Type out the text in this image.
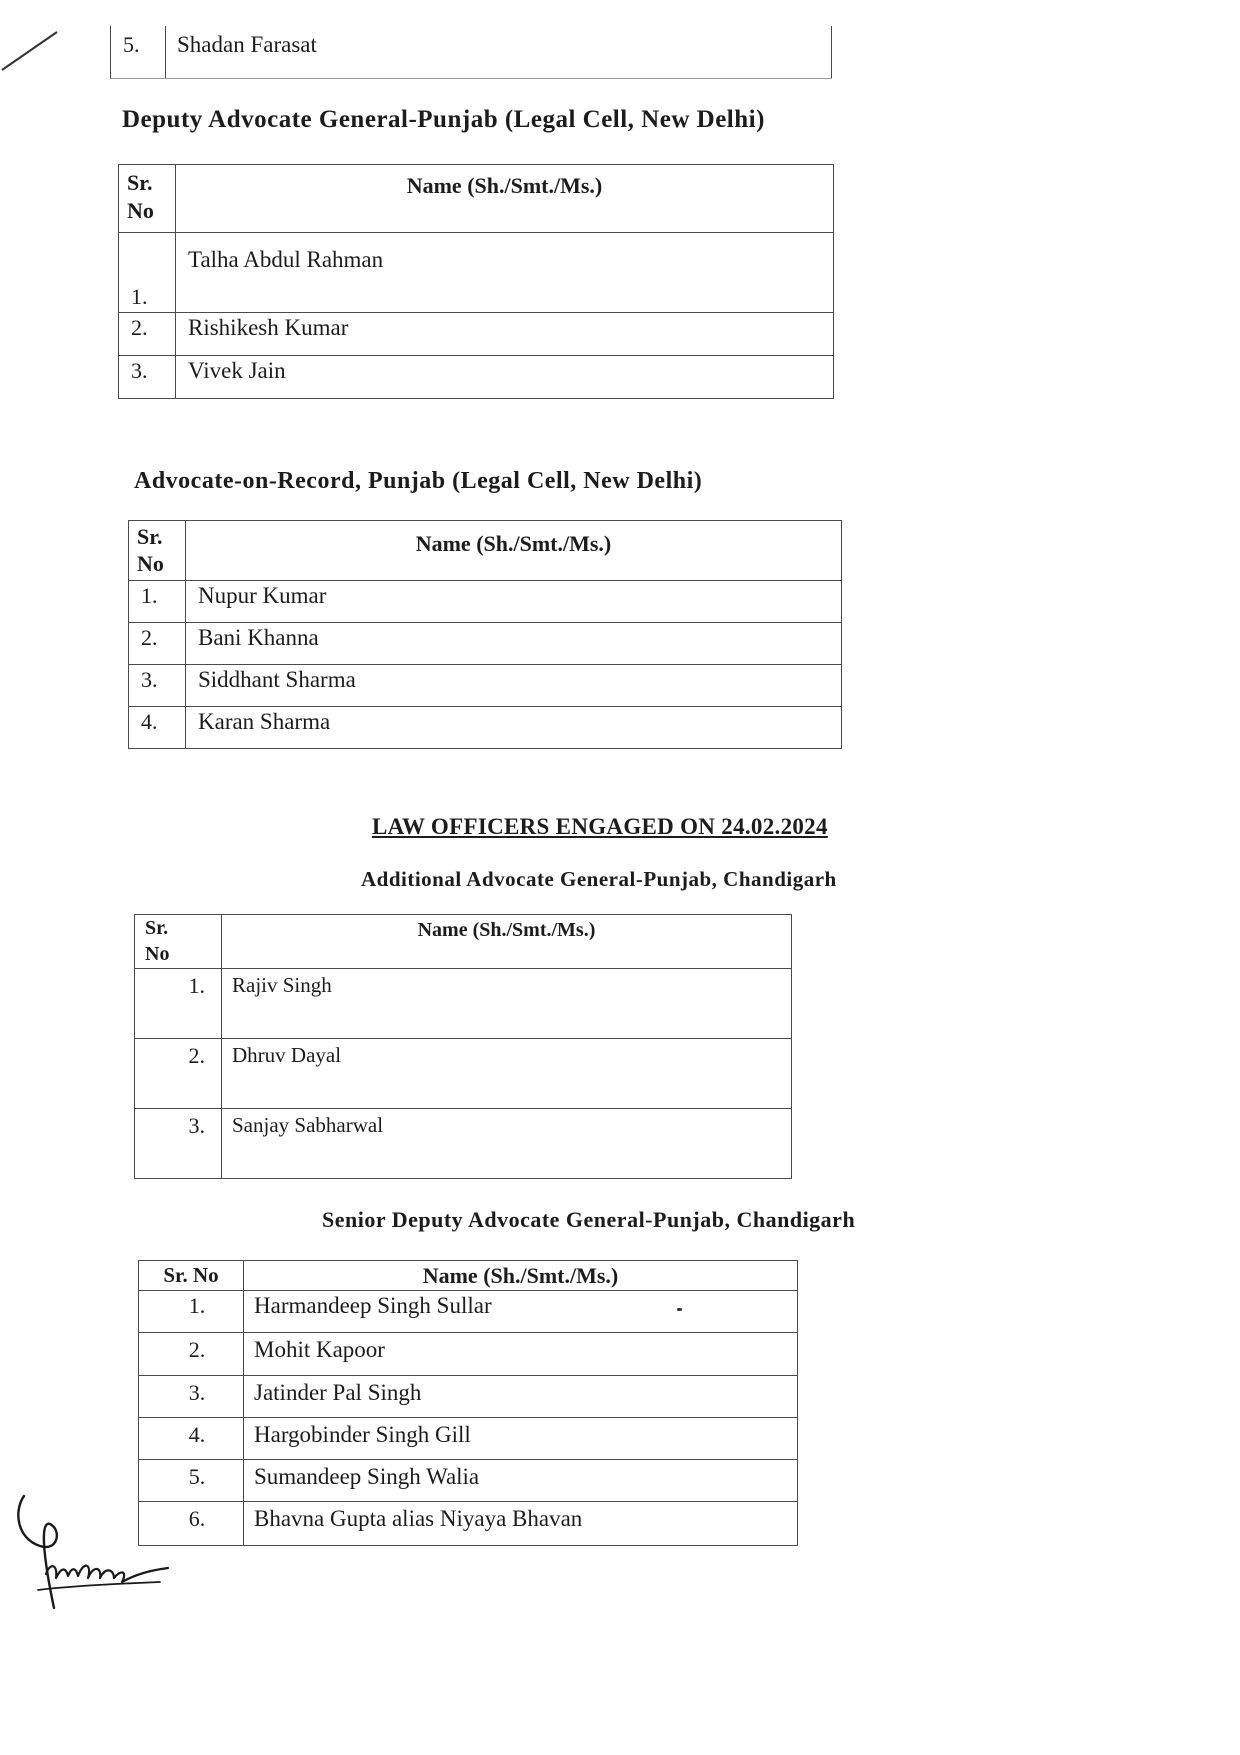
5.	Shadan Farasat
Deputy Advocate General-Punjab (Legal Cell, New Delhi)
Sr. No	Name (Sh./Smt./Ms.)

1.	Talha Abdul Rahman

2.	Rishikesh Kumar

3.	Vivek Jain
Advocate-on-Record, Punjab (Legal Cell, New Delhi)
Sr. No	Name (Sh./Smt./Ms.)

1.	Nupur Kumar

2.	Bani Khanna

3.	Siddhant Sharma

4.	Karan Sharma
LAW OFFICERS ENGAGED ON 24.02.2024
Additional Advocate General-Punjab, Chandigarh
Sr. No	Name (Sh./Smt./Ms.)

1.	Rajiv Singh

2.	Dhruv Dayal

3.	Sanjay Sabharwal
Senior Deputy Advocate General-Punjab, Chandigarh
Sr. No	Name (Sh./Smt./Ms.)

1.	Harmandeep Singh Sullar

2.	Mohit Kapoor

3.	Jatinder Pal Singh

4.	Hargobinder Singh Gill

5.	Sumandeep Singh Walia

6.	Bhavna Gupta alias Niyaya Bhavan
